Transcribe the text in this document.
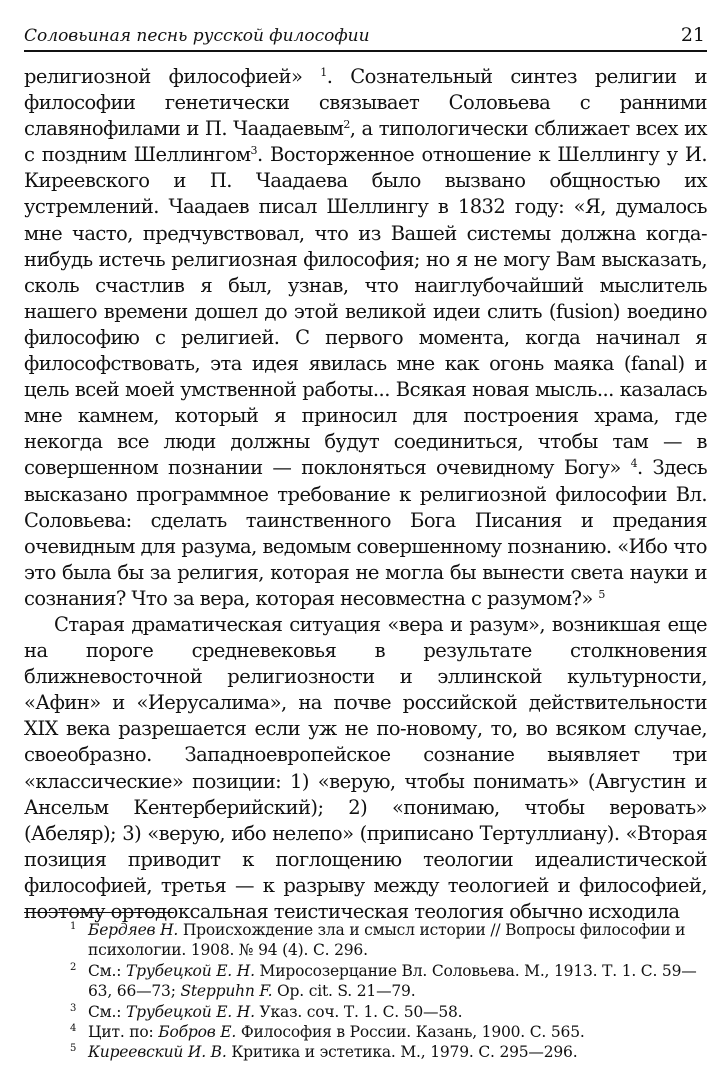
Соловьиная песнь русской философии	21

религиозной философией» $^1$. Сознательный синтез религии и философии генетически связывает Соловьева с ранними славянофилами и П. Чаадаевым$^2$, а типологически сближает всех их с поздним Шеллингом$^3$. Восторженное отношение к Шеллингу у И. Киреевского и П. Чаадаева было вызвано общностью их устремлений. Чаадаев писал Шеллингу в 1832 году: «Я, думалось мне часто, предчувствовал, что из Вашей системы должна когда-нибудь истечь религиозная философия; но я не могу Вам высказать, сколь счастлив я был, узнав, что наиглубочайший мыслитель нашего времени дошел до этой великой идеи слить (fusion) воедино философию с религией. С первого момента, когда начинал я философствовать, эта идея явилась мне как огонь маяка (fanal) и цель всей моей умственной работы... Всякая новая мысль... казалась мне камнем, который я приносил для построения храма, где некогда все люди должны будут соединиться, чтобы там — в совершенном познании — поклоняться очевидному Богу» $^4$. Здесь высказано программное требование к религиозной философии Вл. Соловьева: сделать таинственного Бога Писания и предания очевидным для разума, ведомым совершенному познанию. «Ибо что это была бы за религия, которая не могла бы вынести света науки и сознания? Что за вера, которая несовместна с разумом?» $^5$

Старая драматическая ситуация «вера и разум», возникшая еще на пороге средневековья в результате столкновения ближневосточной религиозности и эллинской культурности, «Афин» и «Иерусалима», на почве российской действительности XIX века разрешается если уж не по-новому, то, во всяком случае, своеобразно. Западноевропейское сознание выявляет три «классические» позиции: 1) «верую, чтобы понимать» (Августин и Ансельм Кентерберийский); 2) «понимаю, чтобы веровать» (Абеляр); 3) «верую, ибо нелепо» (приписано Тертуллиану). «Вторая позиция приводит к поглощению теологии идеалистической философией, третья — к разрыву между теологией и философией, поэтому ортодоксальная теистическая теология обычно исходила

1 Бердяев Н. Происхождение зла и смысл истории // Вопросы философии и психологии. 1908. № 94 (4). С. 296.

2 См.: Трубецкой Е. Н. Миросозерцание Вл. Соловьева. М., 1913. Т. 1. С. 59—63, 66—73; Steppuhn F. Op. cit. S. 21—79.

3 См.: Трубецкой Е. Н. Указ. соч. Т. 1. С. 50—58.

4 Цит. по: Бобров Е. Философия в России. Казань, 1900. С. 565.

5 Киреевский И. В. Критика и эстетика. М., 1979. С. 295—296.
